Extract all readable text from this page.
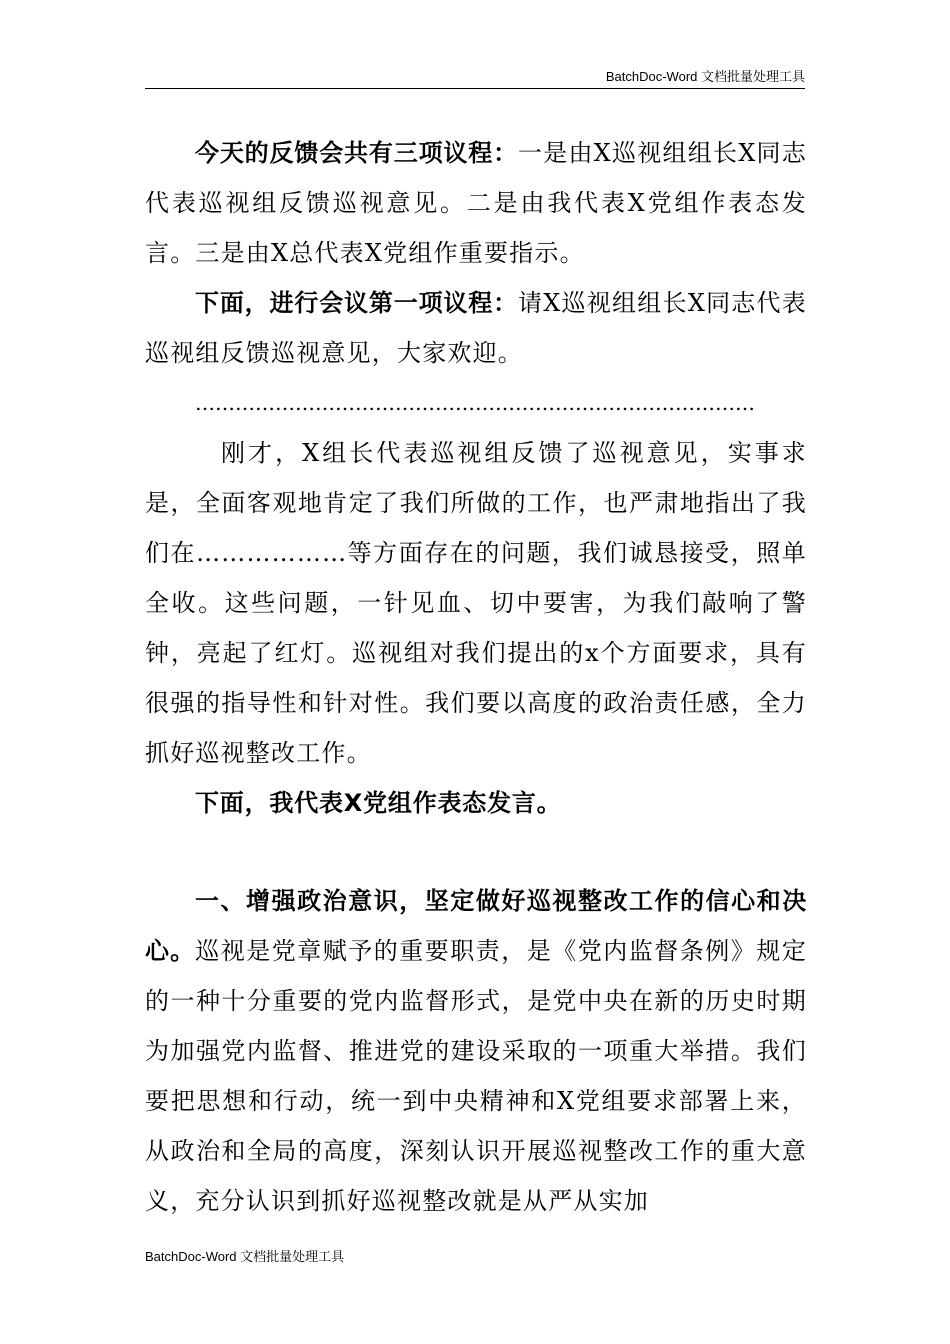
BatchDoc-Word 文档批量处理工具

今天的反馈会共有三项议程：一是由X巡视组组长X同志代表巡视组反馈巡视意见。二是由我代表X党组作表态发言。三是由X总代表X党组作重要指示。

下面，进行会议第一项议程：请X巡视组组长X同志代表巡视组反馈巡视意见，大家欢迎。

…………………………………………………………………………

刚才，X组长代表巡视组反馈了巡视意见，实事求是，全面客观地肯定了我们所做的工作，也严肃地指出了我们在………………等方面存在的问题，我们诚恳接受，照单全收。这些问题，一针见血、切中要害，为我们敲响了警钟，亮起了红灯。巡视组对我们提出的x个方面要求，具有很强的指导性和针对性。我们要以高度的政治责任感，全力抓好巡视整改工作。

下面，我代表X党组作表态发言。

一、增强政治意识，坚定做好巡视整改工作的信心和决心。巡视是党章赋予的重要职责，是《党内监督条例》规定的一种十分重要的党内监督形式，是党中央在新的历史时期为加强党内监督、推进党的建设采取的一项重大举措。我们要把思想和行动，统一到中央精神和X党组要求部署上来，从政治和全局的高度，深刻认识开展巡视整改工作的重大意义，充分认识到抓好巡视整改就是从严从实加

BatchDoc-Word 文档批量处理工具
